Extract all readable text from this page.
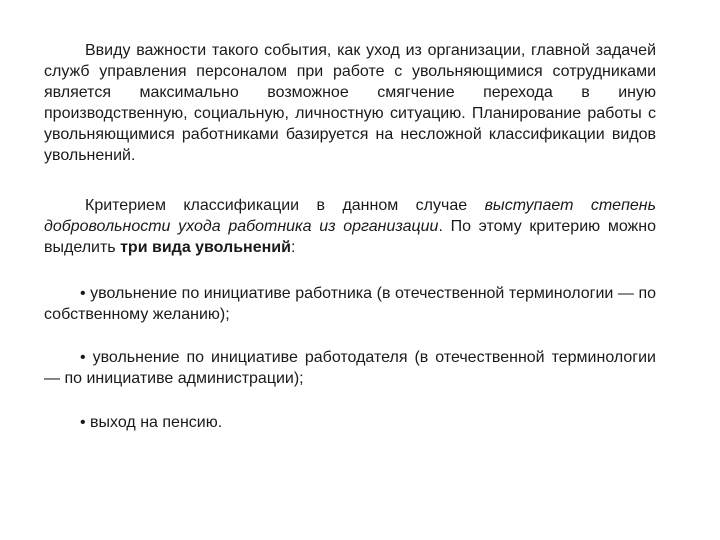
Ввиду важности такого события, как уход из организации, главной задачей служб управления персоналом при работе с увольняющимися сотрудниками является максимально возможное смягчение перехода в иную производственную, социальную, личностную ситуацию. Планирование работы с увольняющимися работниками базируется на несложной классификации видов увольнений.
Критерием классификации в данном случае выступает степень добровольности ухода работника из организации. По этому критерию можно выделить три вида увольнений:
• увольнение по инициативе работника (в отечественной терминологии — по собственному желанию);
• увольнение по инициативе работодателя (в отечественной терминологии — по инициативе администрации);
• выход на пенсию.
